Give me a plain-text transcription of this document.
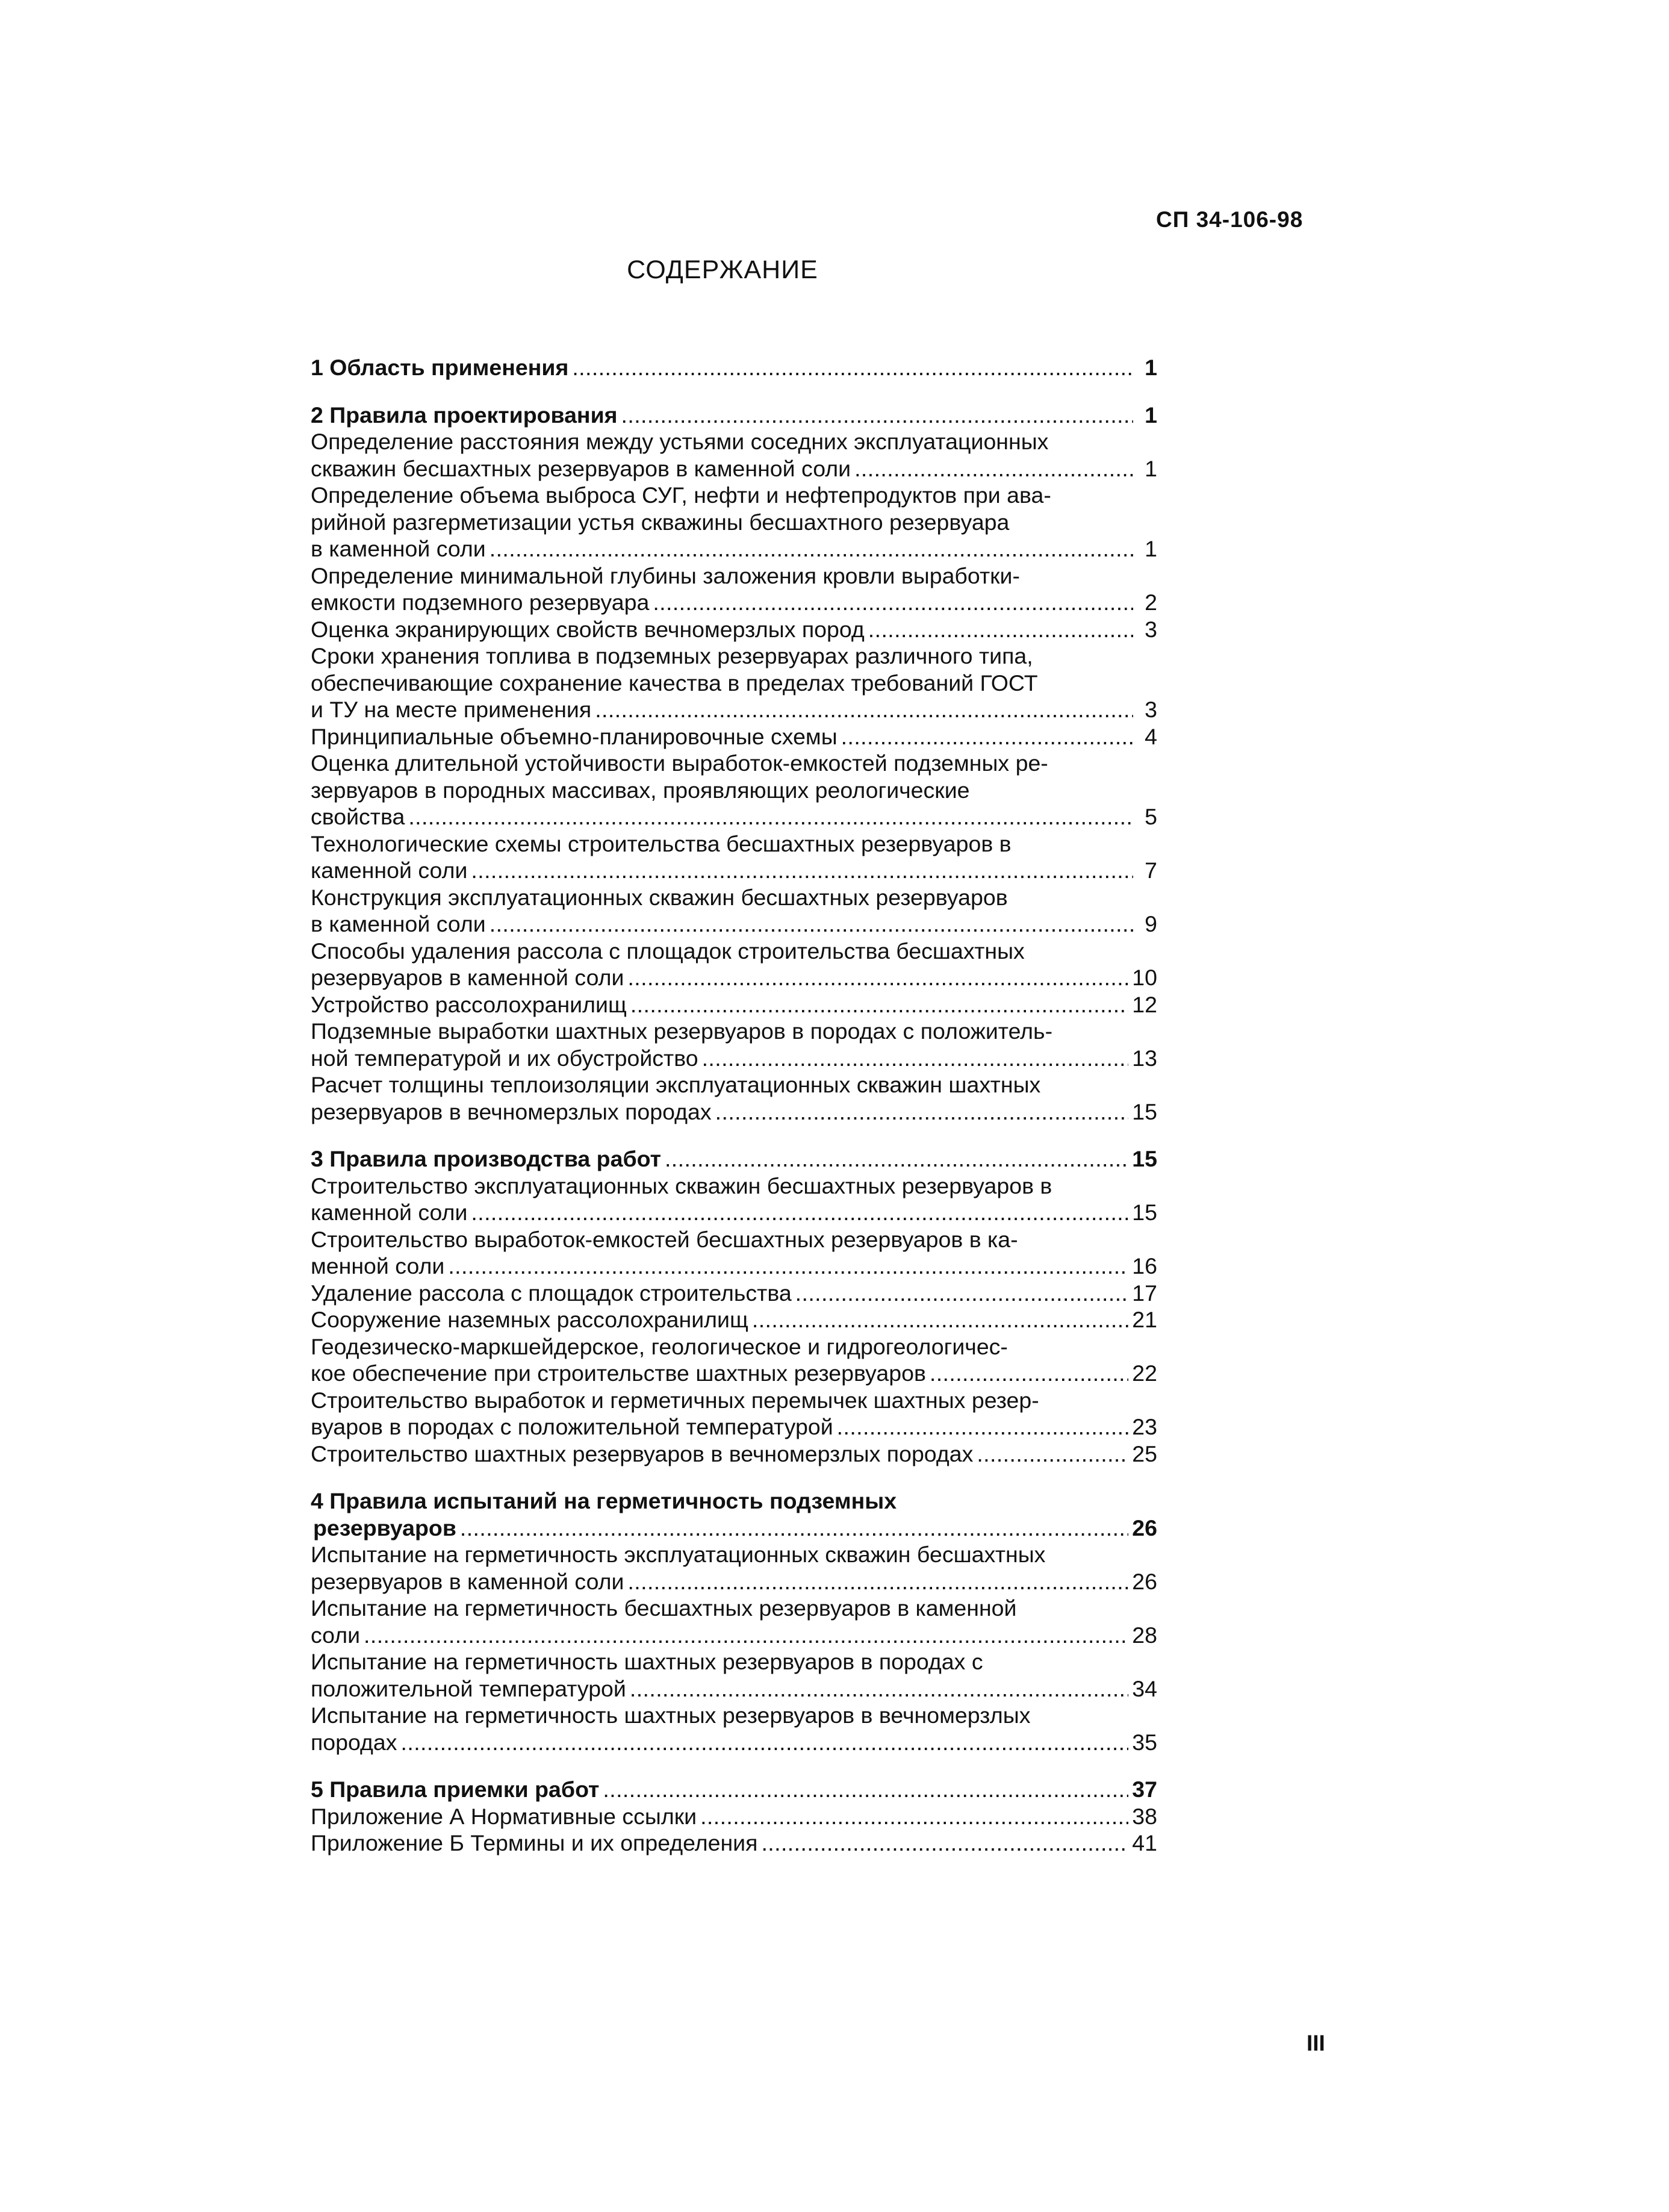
СП 34-106-98
СОДЕРЖАНИЕ
1 Область применения . . .	1
2 Правила проектирования . . .	1
Определение расстояния между устьями соседних эксплуатационных
скважин бесшахтных резервуаров в каменной соли . . .	1
Определение объема выброса СУГ, нефти и нефтепродуктов при ава-
рийной разгерметизации устья скважины бесшахтного резервуара
в каменной соли . . .	1
Определение минимальной глубины заложения кровли выработки-
емкости подземного резервуара . . .	2
Оценка экранирующих свойств вечномерзлых пород . . .	3
Сроки хранения топлива в подземных резервуарах различного типа,
обеспечивающие сохранение качества в пределах требований ГОСТ
и ТУ на месте применения . . .	3
Принципиальные объемно-планировочные схемы . . .	4
Оценка длительной устойчивости выработок-емкостей подземных ре-
зервуаров в породных массивах, проявляющих реологические
свойства . . .	5
Технологические схемы строительства бесшахтных резервуаров в
каменной соли . . .	7
Конструкция эксплуатационных скважин бесшахтных резервуаров
в каменной соли . . .	9
Способы удаления рассола с площадок строительства бесшахтных
резервуаров в каменной соли . . .	10
Устройство рассолохранилищ . . .	12
Подземные выработки шахтных резервуаров в породах с положитель-
ной температурой и их обустройство . . .	13
Расчет толщины теплоизоляции эксплуатационных скважин шахтных
резервуаров в вечномерзлых породах . . .	15
3 Правила производства работ . . .	15
Строительство эксплуатационных скважин бесшахтных резервуаров в
каменной соли . . .	15
Строительство выработок-емкостей бесшахтных резервуаров в ка-
менной соли . . .	16
Удаление рассола с площадок строительства . . .	17
Сооружение наземных рассолохранилищ . . .	21
Геодезическо-маркшейдерское, геологическое и гидрогеологичес-
кое обеспечение при строительстве шахтных резервуаров . . .	22
Строительство выработок и герметичных перемычек шахтных резер-
вуаров в породах с положительной температурой . . .	23
Строительство шахтных резервуаров в вечномерзлых породах . . .	25
4 Правила испытаний на герметичность подземных
резервуаров . . .	26
Испытание на герметичность эксплуатационных скважин бесшахтных
резервуаров в каменной соли . . .	26
Испытание на герметичность бесшахтных резервуаров в каменной
соли . . .	28
Испытание на герметичность шахтных резервуаров в породах с
положительной температурой . . .	34
Испытание на герметичность шахтных резервуаров в вечномерзлых
породах . . .	35
5 Правила приемки работ . . .	37
Приложение А Нормативные ссылки . . .	38
Приложение Б Термины и их определения . . .	41
III
